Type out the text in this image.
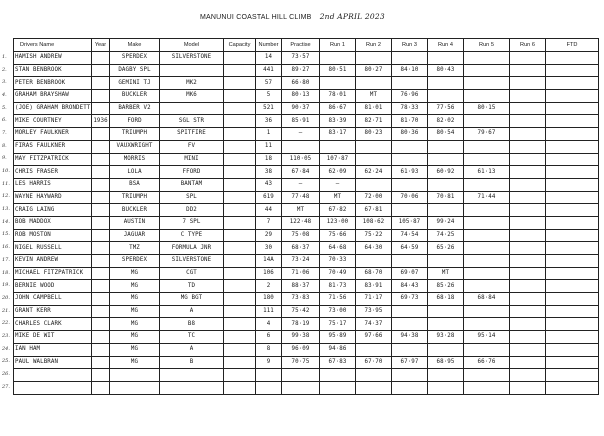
MANUNUI COASTAL HILL CLIMB 2nd APRIL 2023
Drivers Name	Year	Make	Model	Capacity	Number	Practise	Run 1	Run 2	Run 3	Run 4	Run 5	Run 6	FTD
HAMISH ANDREW		SPERDEX	SILVERSTONE		14	73·57							
STAN BENBROOK		DAGBY SPL			441	89·27	80·51	80·27	84·10	80·43			
PETER BENBROOK		GEMINI TJ	MK2		57	66·80							
GRAHAM BRAYSHAW		BUCKLER	MK6		5	80·13	78·01	MT	76·96				
(JOE) GRAHAM BRONDETT		BARBER V2			521	90·37	86·67	81·01	78·33	77·56	80·15		
MIKE COURTNEY	1936	FORD	SGL STR		36	85·91	83·39	82·71	81·70	82·02			
MORLEY FAULKNER		TRIUMPH	SPITFIRE		1	—	83·17	80·23	80·36	80·54	79·67		
FIRAS FAULKNER		VAUXWRIGHT	FV		11								
MAY FITZPATRICK		MORRIS	MINI		18	110·05	107·87						
CHRIS FRASER		LOLA	FFORD		38	67·84	62·09	62·24	61·93	60·92	61·13		
LES HARRIS		BSA	BANTAM		43	—	—						
WAYNE HAYWARD		TRIUMPH	SPL		619	77·48	MT	72·00	70·06	70·81	71·44		
CRAIG LAING		BUCKLER	DD2		44	MT	67·82	67·81					
BOB MADDOX		AUSTIN	7 SPL		7	122·48	123·00	108·62	105·87	99·24			
ROB MOSTON		JAGUAR	C TYPE		29	75·08	75·66	75·22	74·54	74·25			
NIGEL RUSSELL		TMZ	FORMULA JNR		30	68·37	64·68	64·30	64·59	65·26			
KEVIN ANDREW		SPERDEX	SILVERSTONE		14A	73·24	70·33						
MICHAEL FITZPATRICK		MG	CGT		106	71·06	70·49	68·70	69·07	MT			
BERNIE WOOD		MG	TD		2	88·37	81·73	83·91	84·43	85·26			
JOHN CAMPBELL		MG	MG BGT		180	73·83	71·56	71·17	69·73	68·18	68·84		
GRANT KERR		MG	A		111	75·42	73·00	73·95					
CHARLES CLARK		MG	B8		4	78·19	75·17	74·37					
MIKE DE WIT		MG	TC		6	99·38	95·89	97·66	94·38	93·28	95·14		
IAN HAM		MG	A		8	96·09	94·86						
PAUL WALBRAN		MG	B		9	70·75	67·83	67·70	67·97	68·95	66·76		

1.
2.
3.
4.
5.
6.
7.
8.
9.
10.
11.
12.
13.
14.
15.
16.
17.
18.
19.
20.
21.
22.
23.
24.
25.
26.
27.
